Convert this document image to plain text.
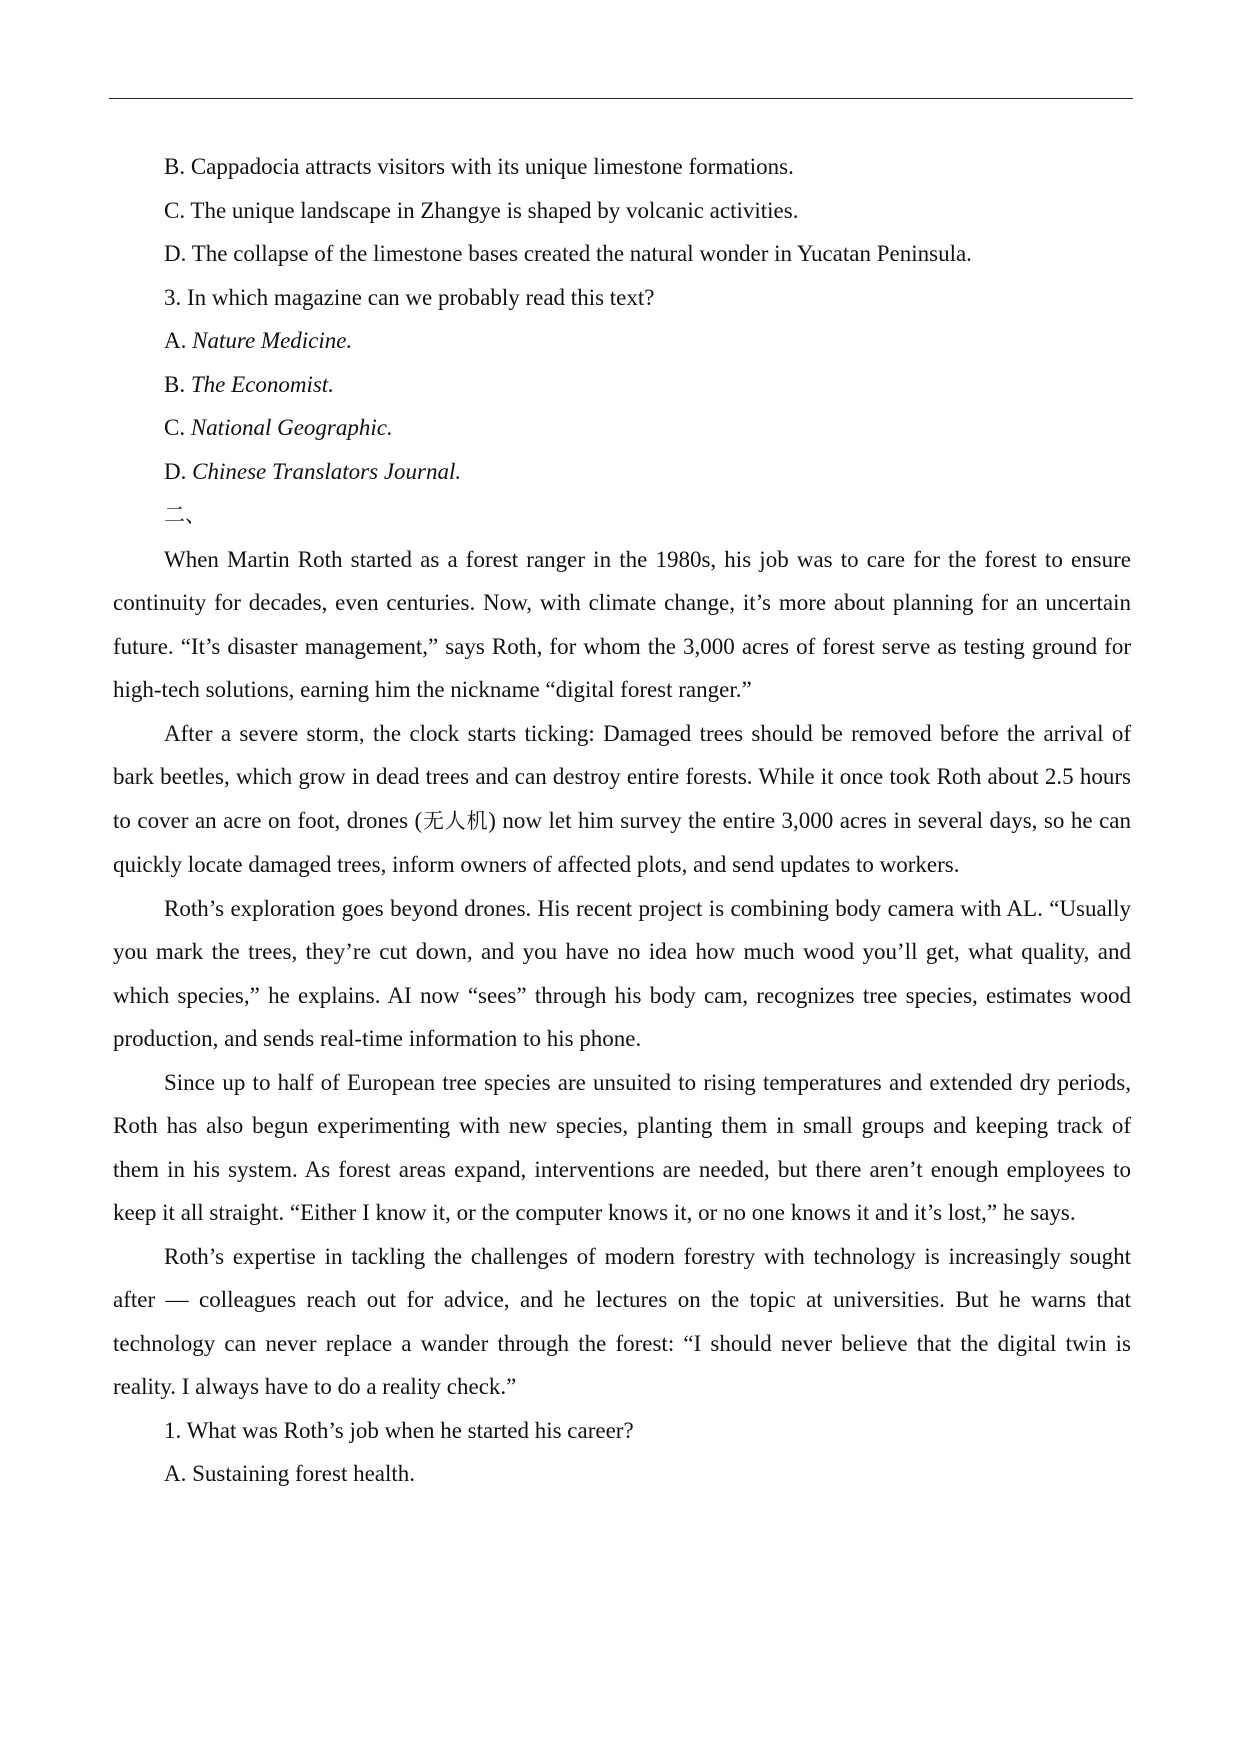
B. Cappadocia attracts visitors with its unique limestone formations.

C. The unique landscape in Zhangye is shaped by volcanic activities.

D. The collapse of the limestone bases created the natural wonder in Yucatan Peninsula.

3. In which magazine can we probably read this text?

A. Nature Medicine.

B. The Economist.

C. National Geographic.

D. Chinese Translators Journal.

二、

When Martin Roth started as a forest ranger in the 1980s, his job was to care for the forest to ensure continuity for decades, even centuries. Now, with climate change, it’s more about planning for an uncertain future. “It’s disaster management,” says Roth, for whom the 3,000 acres of forest serve as testing ground for high-tech solutions, earning him the nickname “digital forest ranger.”

After a severe storm, the clock starts ticking: Damaged trees should be removed before the arrival of bark beetles, which grow in dead trees and can destroy entire forests. While it once took Roth about 2.5 hours to cover an acre on foot, drones (无人机) now let him survey the entire 3,000 acres in several days, so he can quickly locate damaged trees, inform owners of affected plots, and send updates to workers.

Roth’s exploration goes beyond drones. His recent project is combining body camera with AL. “Usually you mark the trees, they’re cut down, and you have no idea how much wood you’ll get, what quality, and which species,” he explains. AI now “sees” through his body cam, recognizes tree species, estimates wood production, and sends real-time information to his phone.

Since up to half of European tree species are unsuited to rising temperatures and extended dry periods, Roth has also begun experimenting with new species, planting them in small groups and keeping track of them in his system. As forest areas expand, interventions are needed, but there aren’t enough employees to keep it all straight. “Either I know it, or the computer knows it, or no one knows it and it’s lost,” he says.

Roth’s expertise in tackling the challenges of modern forestry with technology is increasingly sought after — colleagues reach out for advice, and he lectures on the topic at universities. But he warns that technology can never replace a wander through the forest: “I should never believe that the digital twin is reality. I always have to do a reality check.”

1. What was Roth’s job when he started his career?

A. Sustaining forest health.
